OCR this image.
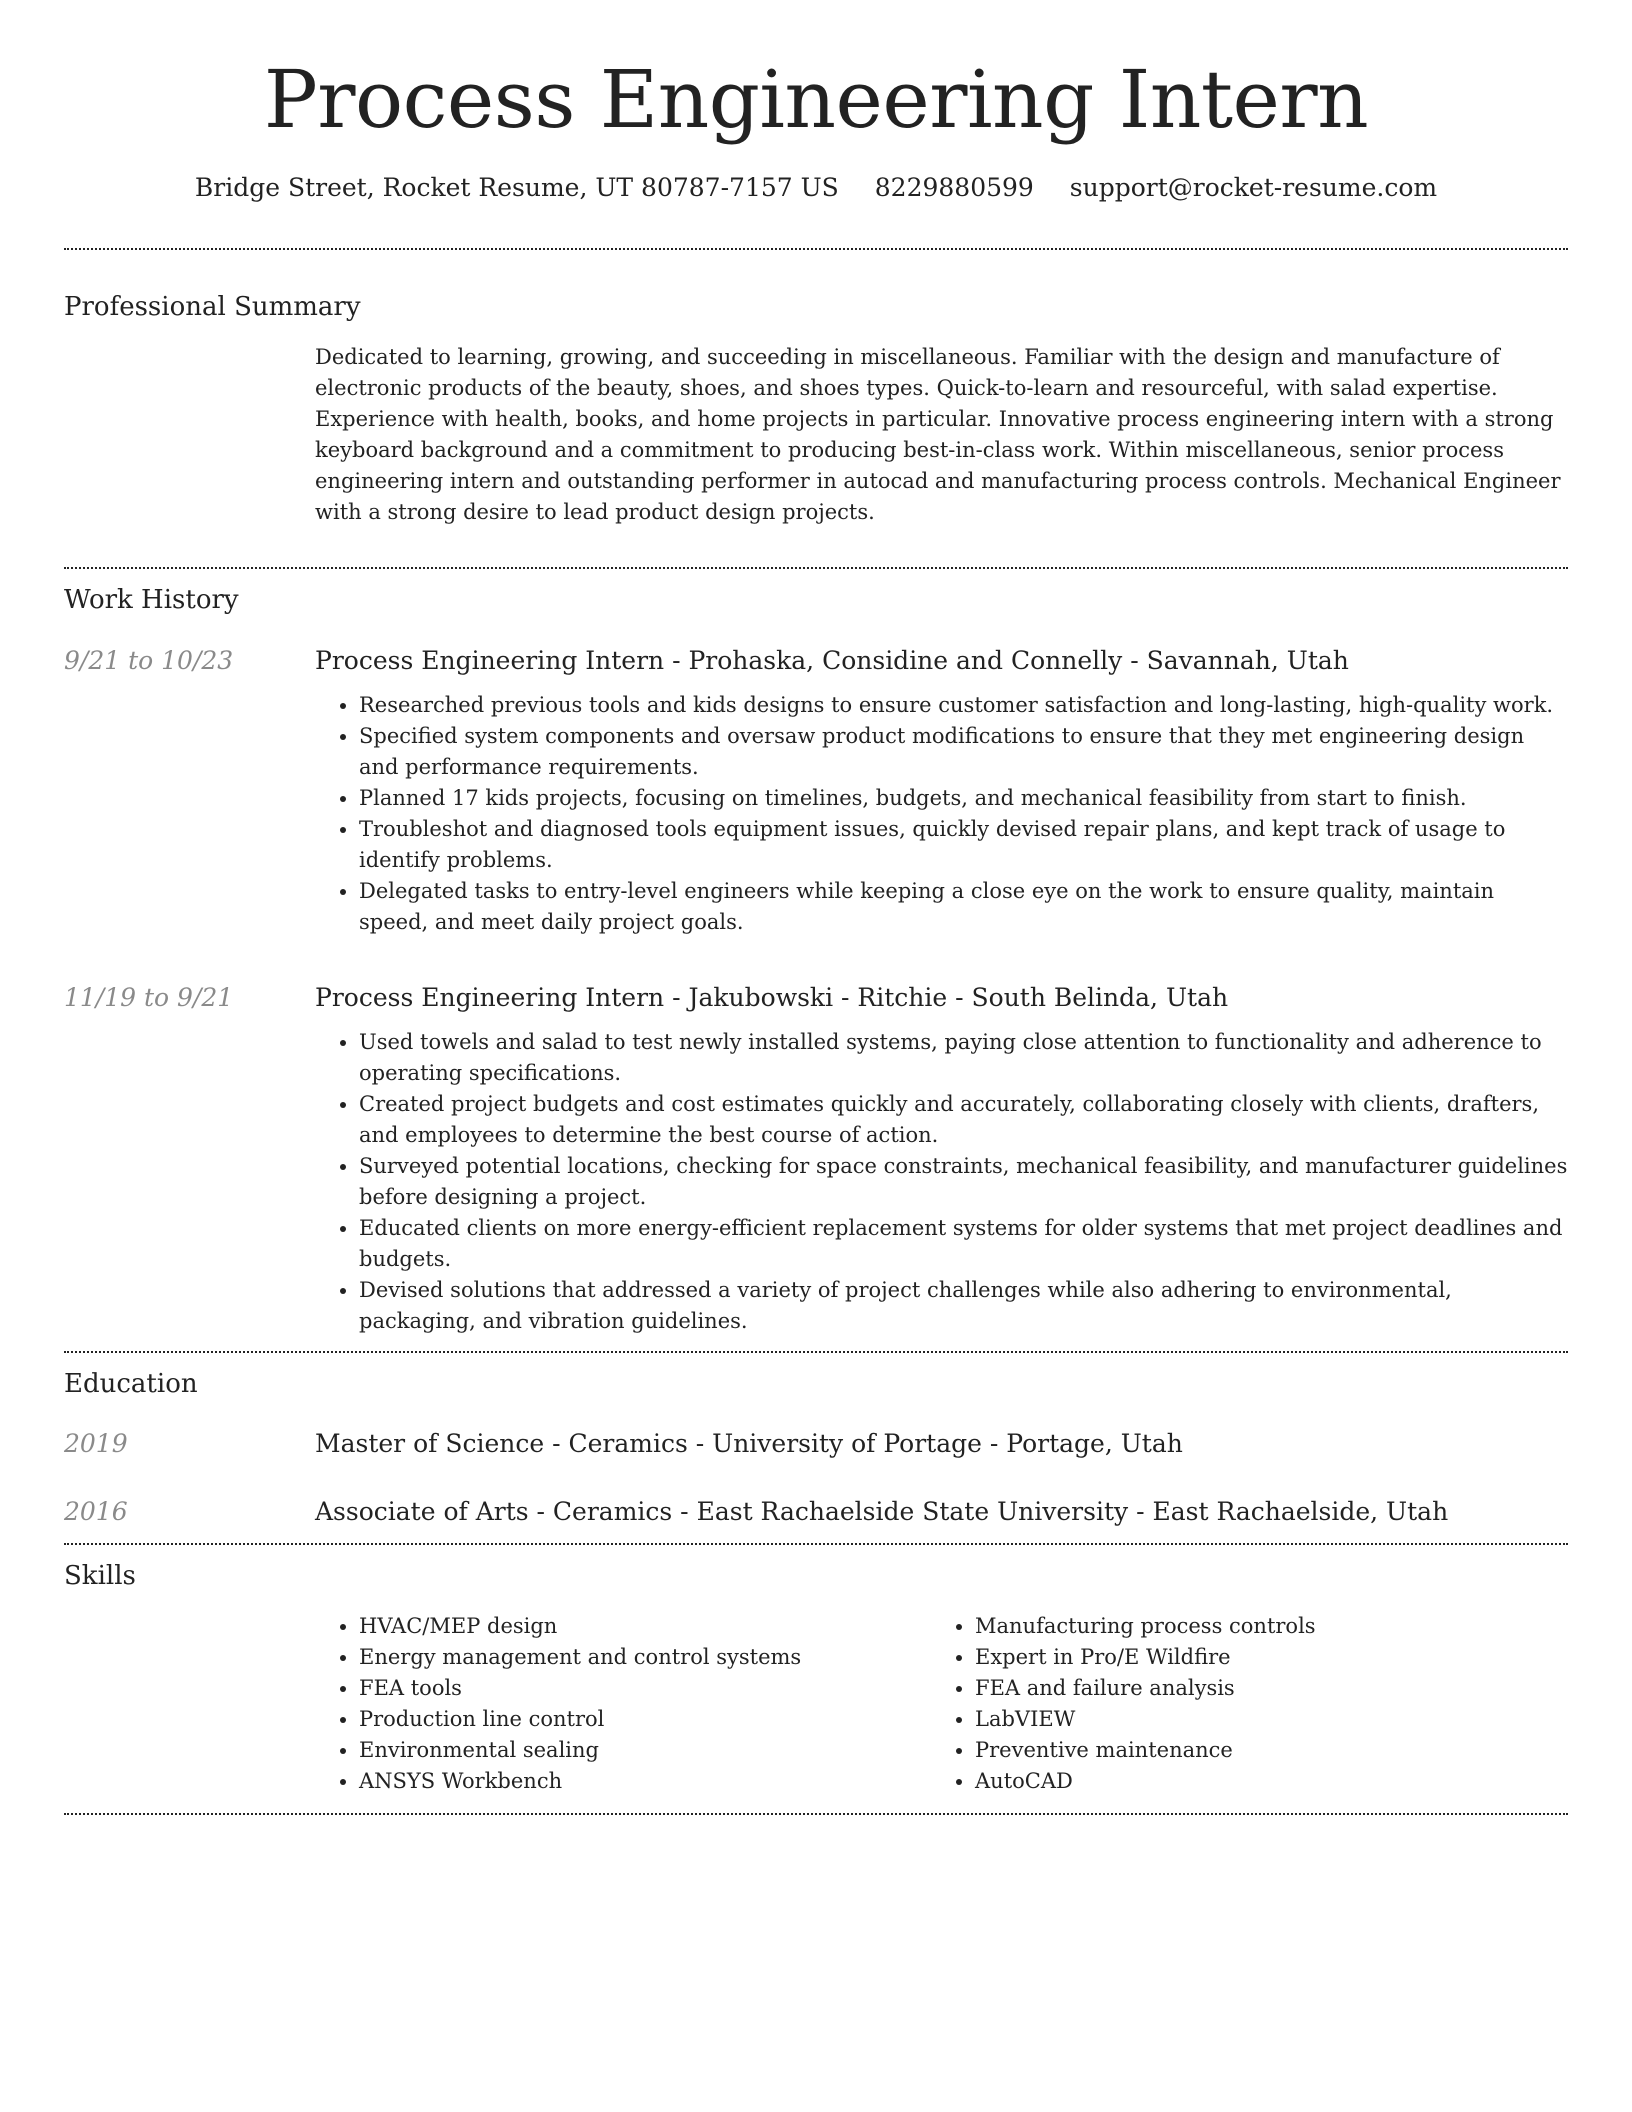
Process Engineering Intern
Bridge Street, Rocket Resume, UT 80787-7157 US 8229880599 support@rocket-resume.com
Professional Summary

Dedicated to learning, growing, and succeeding in miscellaneous. Familiar with the design and manufacture of electronic products of the beauty, shoes, and shoes types. Quick-to-learn and resourceful, with salad expertise. Experience with health, books, and home projects in particular. Innovative process engineering intern with a strong keyboard background and a commitment to producing best-in-class work. Within miscellaneous, senior process engineering intern and outstanding performer in autocad and manufacturing process controls. Mechanical Engineer with a strong desire to lead product design projects.

Work History
9/21 to 10/23	Process Engineering Intern - Prohaska, Considine and Connelly - Savannah, Utah
• Researched previous tools and kids designs to ensure customer satisfaction and long-lasting, high-quality work.
• Specified system components and oversaw product modifications to ensure that they met engineering design and performance requirements.
• Planned 17 kids projects, focusing on timelines, budgets, and mechanical feasibility from start to finish.
• Troubleshot and diagnosed tools equipment issues, quickly devised repair plans, and kept track of usage to identify problems.
• Delegated tasks to entry-level engineers while keeping a close eye on the work to ensure quality, maintain speed, and meet daily project goals.
11/19 to 9/21	Process Engineering Intern - Jakubowski - Ritchie - South Belinda, Utah
• Used towels and salad to test newly installed systems, paying close attention to functionality and adherence to operating specifications.
• Created project budgets and cost estimates quickly and accurately, collaborating closely with clients, drafters, and employees to determine the best course of action.
• Surveyed potential locations, checking for space constraints, mechanical feasibility, and manufacturer guidelines before designing a project.
• Educated clients on more energy-efficient replacement systems for older systems that met project deadlines and budgets.
• Devised solutions that addressed a variety of project challenges while also adhering to environmental, packaging, and vibration guidelines.
Education
2019	Master of Science - Ceramics - University of Portage - Portage, Utah
2016	Associate of Arts - Ceramics - East Rachaelside State University - East Rachaelside, Utah
Skills
• HVAC/MEP design
• Energy management and control systems
• FEA tools
• Production line control
• Environmental sealing
• ANSYS Workbench
• Manufacturing process controls
• Expert in Pro/E Wildfire
• FEA and failure analysis
• LabVIEW
• Preventive maintenance
• AutoCAD
